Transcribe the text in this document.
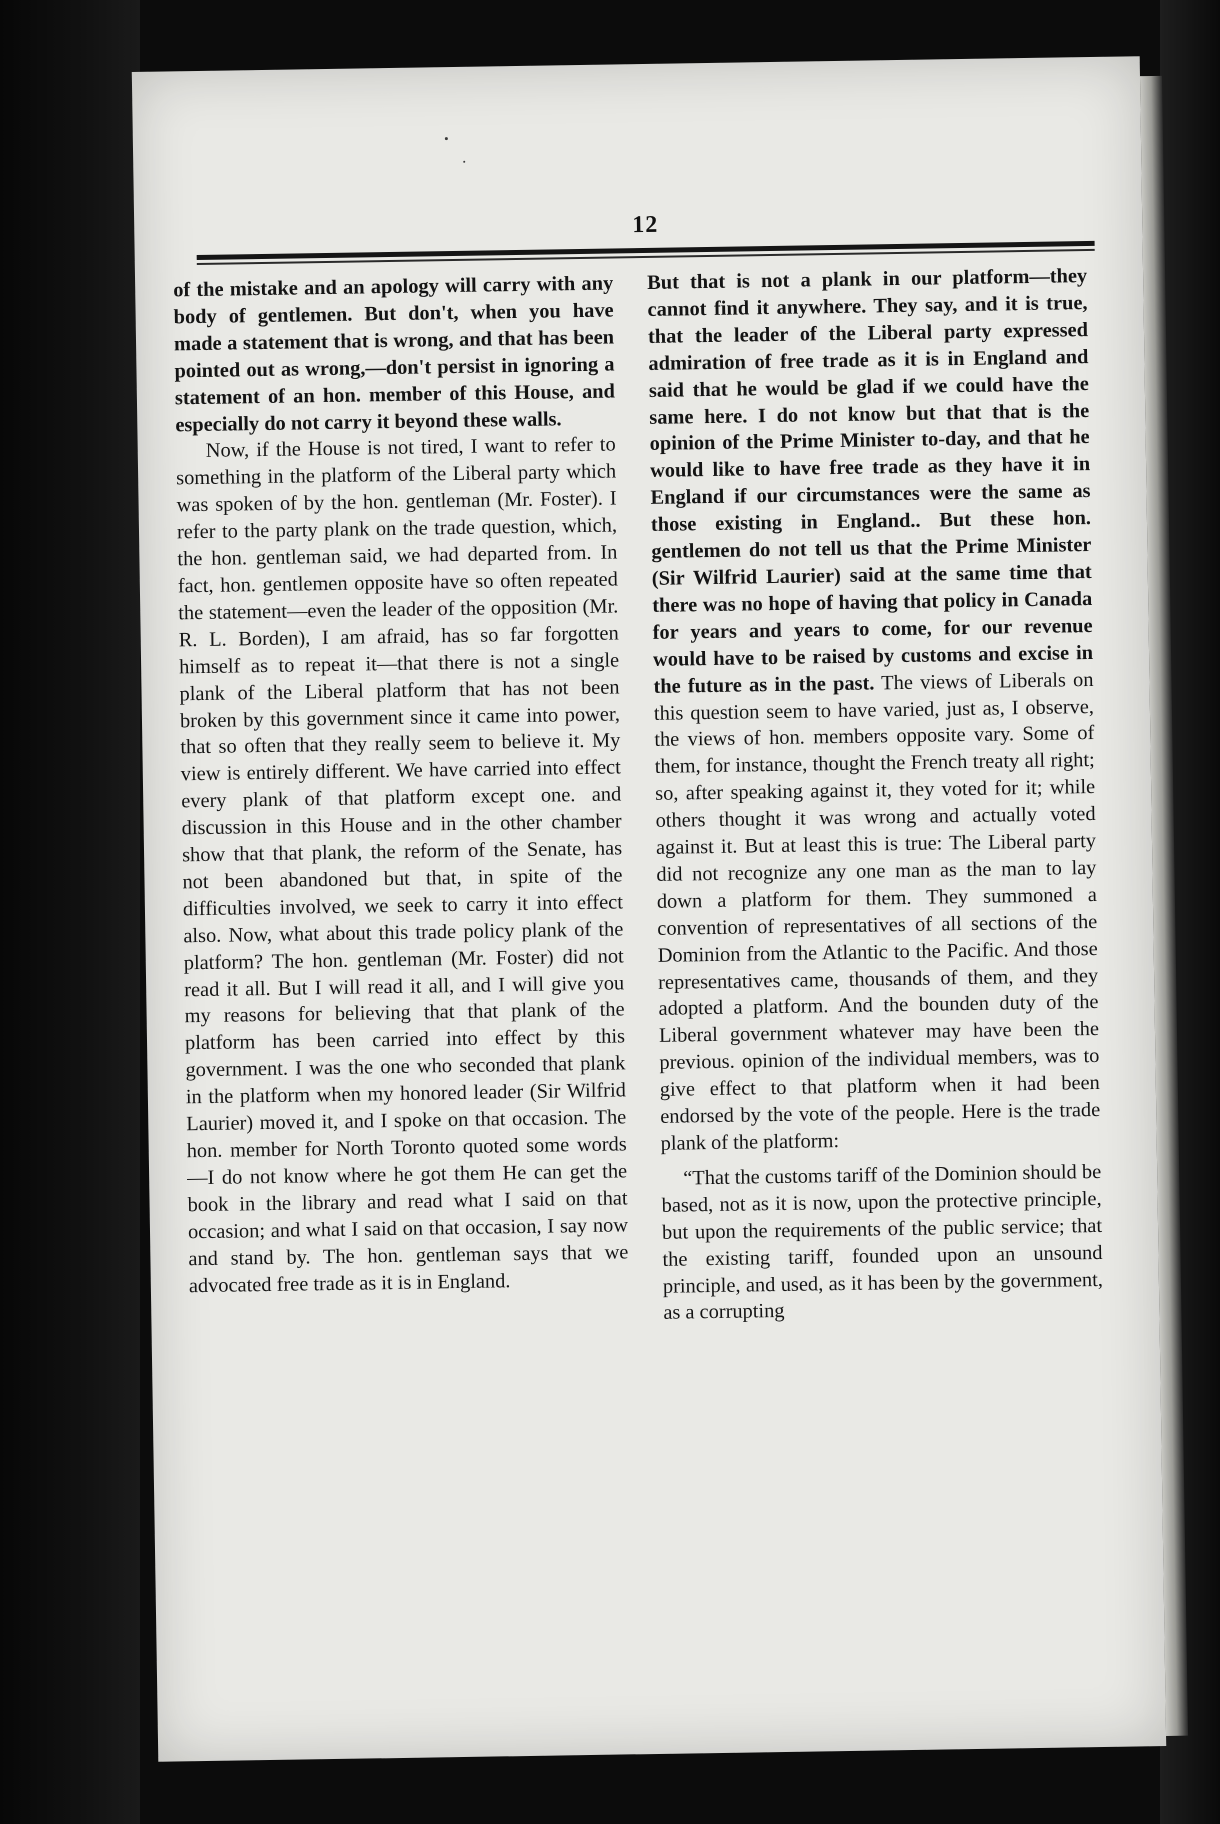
12

of the mistake and an apology will carry with any body of gentlemen. But don't, when you have made a statement that is wrong, and that has been pointed out as wrong,—don't persist in ignoring a statement of an hon. member of this House, and especially do not carry it beyond these walls.

Now, if the House is not tired, I want to refer to something in the platform of the Liberal party which was spoken of by the hon. gentleman (Mr. Foster). I refer to the party plank on the trade question, which, the hon. gentleman said, we had departed from. In fact, hon. gentlemen opposite have so often repeated the statement—even the leader of the opposition (Mr. R. L. Borden), I am afraid, has so far forgotten himself as to repeat it—that there is not a single plank of the Liberal platform that has not been broken by this government since it came into power, that so often that they really seem to believe it. My view is entirely different. We have carried into effect every plank of that platform except one. and discussion in this House and in the other chamber show that that plank, the reform of the Senate, has not been abandoned but that, in spite of the difficulties involved, we seek to carry it into effect also. Now, what about this trade policy plank of the platform? The hon. gentleman (Mr. Foster) did not read it all. But I will read it all, and I will give you my reasons for believing that that plank of the platform has been carried into effect by this government. I was the one who seconded that plank in the platform when my honored leader (Sir Wilfrid Laurier) moved it, and I spoke on that occasion. The hon. member for North Toronto quoted some words—I do not know where he got them He can get the book in the library and read what I said on that occasion; and what I said on that occasion, I say now and stand by. The hon. gentleman says that we advocated free trade as it is in England.

But that is not a plank in our platform—they cannot find it anywhere. They say, and it is true, that the leader of the Liberal party expressed admiration of free trade as it is in England and said that he would be glad if we could have the same here. I do not know but that that is the opinion of the Prime Minister to-day, and that he would like to have free trade as they have it in England if our circumstances were the same as those existing in England.. But these hon. gentlemen do not tell us that the Prime Minister (Sir Wilfrid Laurier) said at the same time that there was no hope of having that policy in Canada for years and years to come, for our revenue would have to be raised by customs and excise in the future as in the past. The views of Liberals on this question seem to have varied, just as, I observe, the views of hon. members opposite vary. Some of them, for instance, thought the French treaty all right; so, after speaking against it, they voted for it; while others thought it was wrong and actually voted against it. But at least this is true: The Liberal party did not recognize any one man as the man to lay down a platform for them. They summoned a convention of representatives of all sections of the Dominion from the Atlantic to the Pacific. And those representatives came, thousands of them, and they adopted a platform. And the bounden duty of the Liberal government whatever may have been the previous. opinion of the individual members, was to give effect to that platform when it had been endorsed by the vote of the people. Here is the trade plank of the platform:

“That the customs tariff of the Dominion should be based, not as it is now, upon the protective principle, but upon the requirements of the public service; that the existing tariff, founded upon an unsound principle, and used, as it has been by the government, as a corrupting
